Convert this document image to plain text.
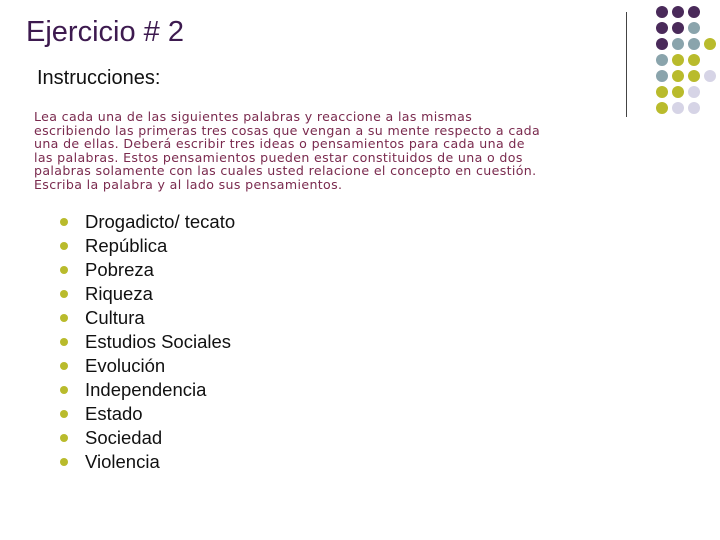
Ejercicio # 2
Instrucciones:

Lea cada una de las siguientes palabras y reaccione a las mismas
escribiendo las primeras tres cosas que vengan a su mente respecto a cada
una de ellas. Deberá escribir tres ideas o pensamientos para cada una de
las palabras. Estos pensamientos pueden estar constituidos de una o dos
palabras solamente con las cuales usted relacione el concepto en cuestión.
Escriba la palabra y al lado sus pensamientos.

Drogadicto/ tecato
República
Pobreza
Riqueza
Cultura
Estudios Sociales
Evolución
Independencia
Estado
Sociedad
Violencia
